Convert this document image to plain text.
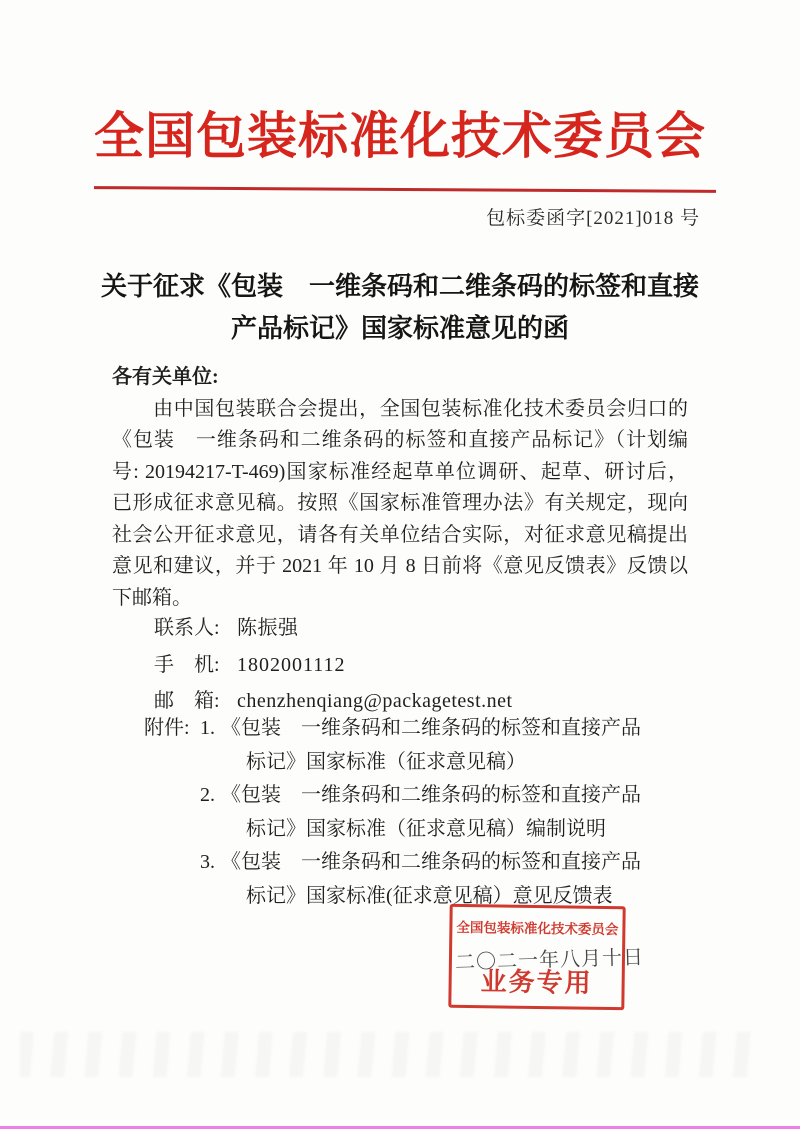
全国包装标准化技术委员会
包标委函字[2021]018 号
关于征求《包装　一维条码和二维条码的标签和直接
产品标记》国家标准意见的函
各有关单位:
　　由中国包装联合会提出，全国包装标准化技术委员会归口的
《包装　一维条码和二维条码的标签和直接产品标记》（计划编
号: 20194217-T-469)国家标准经起草单位调研、起草、研讨后，
已形成征求意见稿。按照《国家标准管理办法》有关规定，现向
社会公开征求意见，请各有关单位结合实际，对征求意见稿提出
意见和建议，并于 2021 年 10 月 8 日前将《意见反馈表》反馈以
下邮箱。
联系人: 陈振强
手　机: 1802001112
邮　箱: chenzhenqiang@packagetest.net
附件: 1. 《包装　一维条码和二维条码的标签和直接产品
标记》国家标准（征求意见稿）
2. 《包装　一维条码和二维条码的标签和直接产品
标记》国家标准（征求意见稿）编制说明
3. 《包装　一维条码和二维条码的标签和直接产品
标记》国家标准(征求意见稿）意见反馈表
全国包装标准化技术委员会
业务专用
二〇二一年八月十日
